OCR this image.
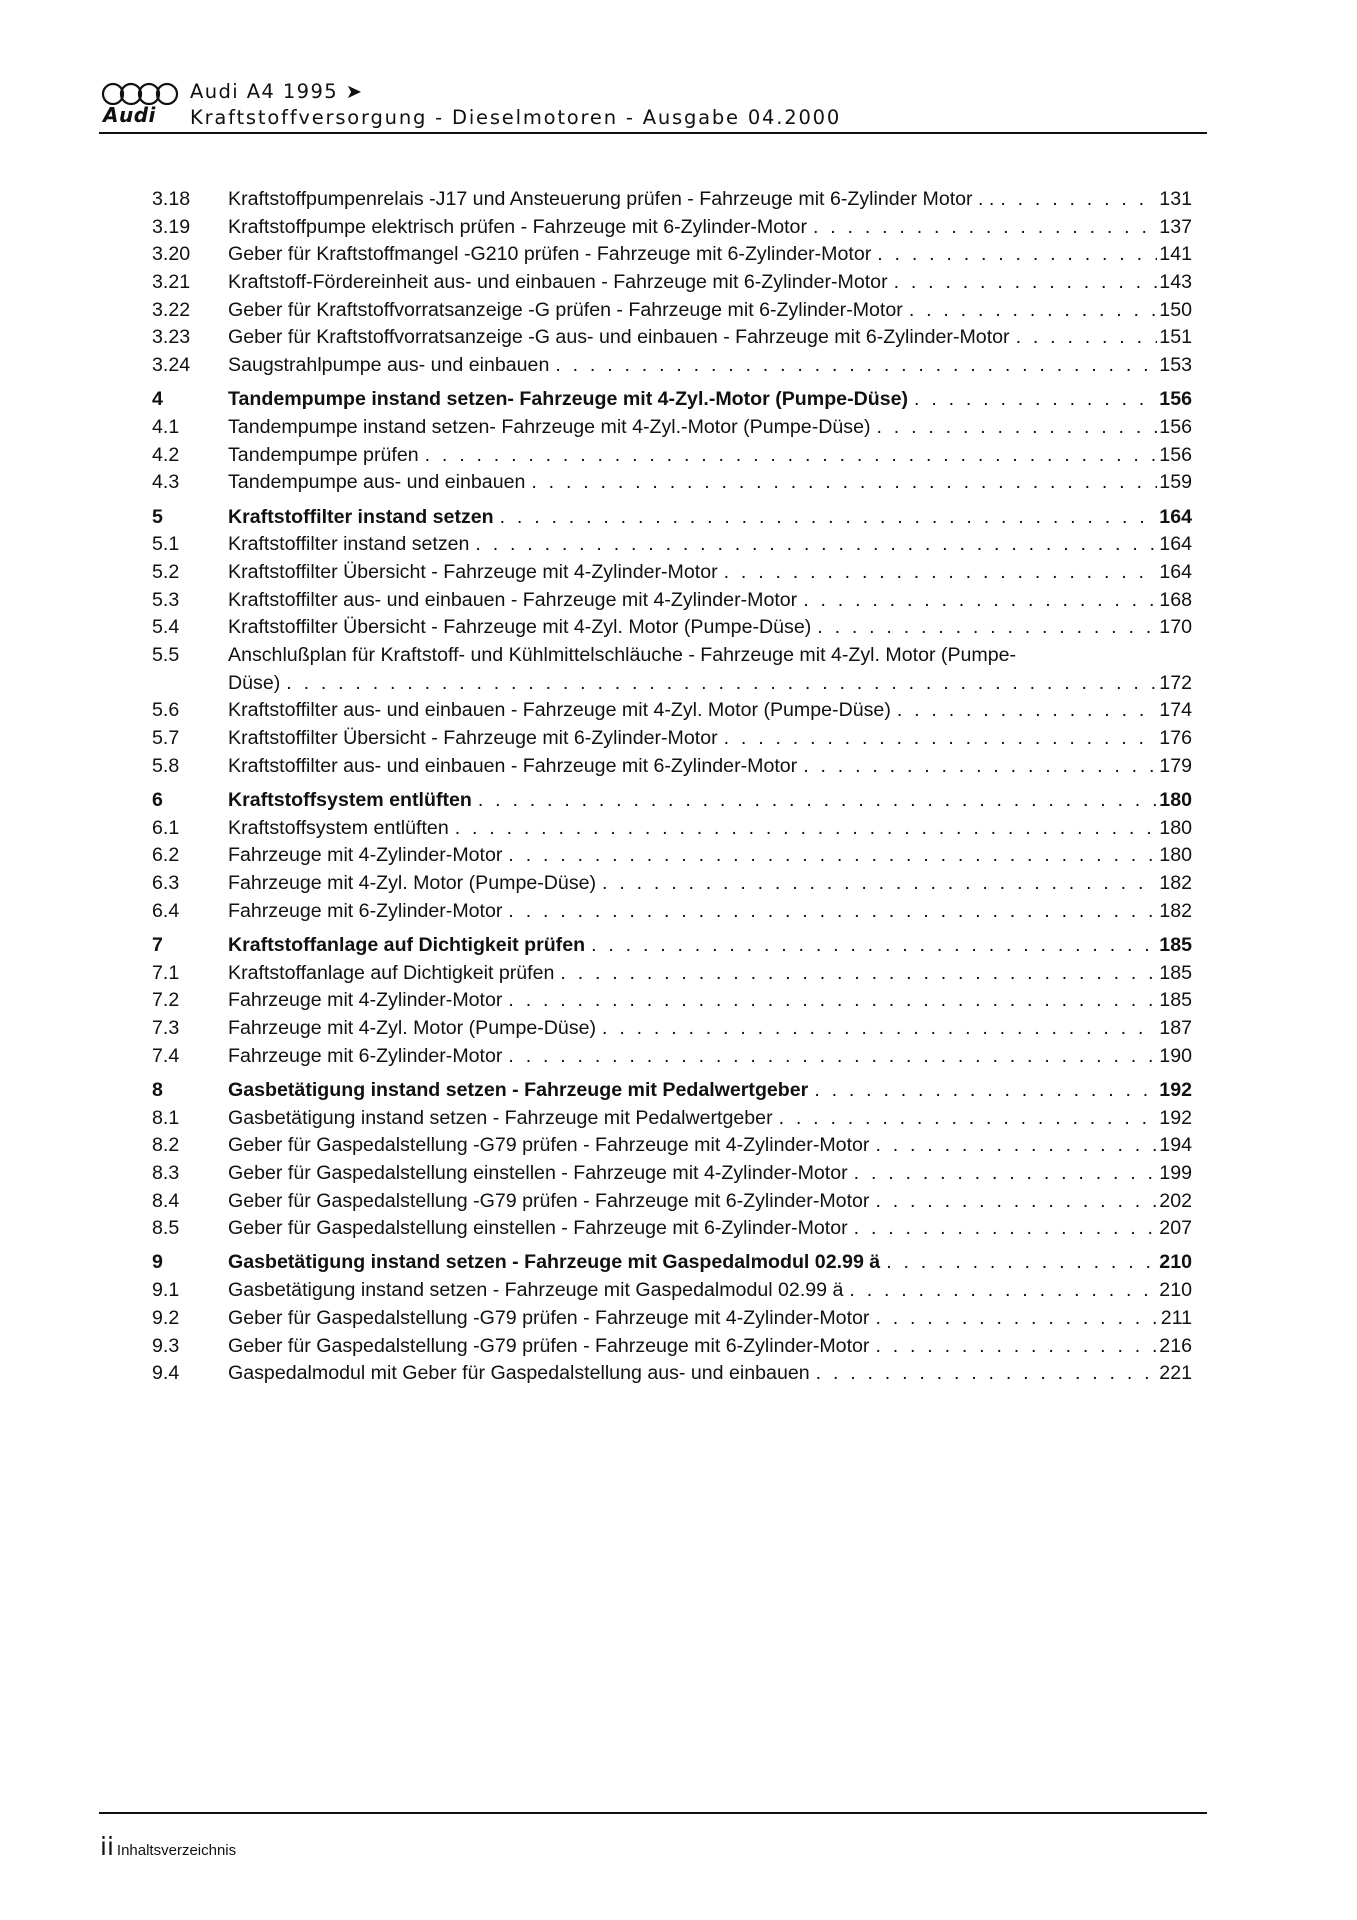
Audi
Audi A4 1995 ➤
Kraftstoffversorgung - Dieselmotoren - Ausgabe 04.2000
3.18	Kraftstoffpumpenrelais -J17 und Ansteuerung prüfen - Fahrzeuge mit 6-Zylinder Motor . . . . .	131
3.19	Kraftstoffpumpe elektrisch prüfen - Fahrzeuge mit 6-Zylinder-Motor . . .	137
3.20	Geber für Kraftstoffmangel -G210 prüfen - Fahrzeuge mit 6-Zylinder-Motor . . .	141
3.21	Kraftstoff-Fördereinheit aus- und einbauen - Fahrzeuge mit 6-Zylinder-Motor . . .	143
3.22	Geber für Kraftstoffvorratsanzeige -G prüfen - Fahrzeuge mit 6-Zylinder-Motor . . .	150
3.23	Geber für Kraftstoffvorratsanzeige -G aus- und einbauen - Fahrzeuge mit 6-Zylinder-Motor . . .	151
3.24	Saugstrahlpumpe aus- und einbauen . . .	153
4	Tandempumpe instand setzen- Fahrzeuge mit 4-Zyl.-Motor (Pumpe-Düse) . . .	156
4.1	Tandempumpe instand setzen- Fahrzeuge mit 4-Zyl.-Motor (Pumpe-Düse) . . .	156
4.2	Tandempumpe prüfen . . .	156
4.3	Tandempumpe aus- und einbauen . . .	159
5	Kraftstoffilter instand setzen . . .	164
5.1	Kraftstoffilter instand setzen . . .	164
5.2	Kraftstoffilter Übersicht - Fahrzeuge mit 4-Zylinder-Motor . . .	164
5.3	Kraftstoffilter aus- und einbauen - Fahrzeuge mit 4-Zylinder-Motor . . .	168
5.4	Kraftstoffilter Übersicht - Fahrzeuge mit 4-Zyl. Motor (Pumpe-Düse) . . .	170
5.5	Anschlußplan für Kraftstoff- und Kühlmittelschläuche - Fahrzeuge mit 4-Zyl. Motor (Pumpe-
Düse) . . .	172
5.6	Kraftstoffilter aus- und einbauen - Fahrzeuge mit 4-Zyl. Motor (Pumpe-Düse) . . .	174
5.7	Kraftstoffilter Übersicht - Fahrzeuge mit 6-Zylinder-Motor . . .	176
5.8	Kraftstoffilter aus- und einbauen - Fahrzeuge mit 6-Zylinder-Motor . . .	179
6	Kraftstoffsystem entlüften . . .	180
6.1	Kraftstoffsystem entlüften . . .	180
6.2	Fahrzeuge mit 4-Zylinder-Motor . . .	180
6.3	Fahrzeuge mit 4-Zyl. Motor (Pumpe-Düse) . . .	182
6.4	Fahrzeuge mit 6-Zylinder-Motor . . .	182
7	Kraftstoffanlage auf Dichtigkeit prüfen . . .	185
7.1	Kraftstoffanlage auf Dichtigkeit prüfen . . .	185
7.2	Fahrzeuge mit 4-Zylinder-Motor . . .	185
7.3	Fahrzeuge mit 4-Zyl. Motor (Pumpe-Düse) . . .	187
7.4	Fahrzeuge mit 6-Zylinder-Motor . . .	190
8	Gasbetätigung instand setzen - Fahrzeuge mit Pedalwertgeber . . .	192
8.1	Gasbetätigung instand setzen - Fahrzeuge mit Pedalwertgeber . . .	192
8.2	Geber für Gaspedalstellung -G79 prüfen - Fahrzeuge mit 4-Zylinder-Motor . . .	194
8.3	Geber für Gaspedalstellung einstellen - Fahrzeuge mit 4-Zylinder-Motor . . .	199
8.4	Geber für Gaspedalstellung -G79 prüfen - Fahrzeuge mit 6-Zylinder-Motor . . .	202
8.5	Geber für Gaspedalstellung einstellen - Fahrzeuge mit 6-Zylinder-Motor . . .	207
9	Gasbetätigung instand setzen - Fahrzeuge mit Gaspedalmodul 02.99 ä . . .	210
9.1	Gasbetätigung instand setzen - Fahrzeuge mit Gaspedalmodul 02.99 ä . . .	210
9.2	Geber für Gaspedalstellung -G79 prüfen - Fahrzeuge mit 4-Zylinder-Motor . . .	211
9.3	Geber für Gaspedalstellung -G79 prüfen - Fahrzeuge mit 6-Zylinder-Motor . . .	216
9.4	Gaspedalmodul mit Geber für Gaspedalstellung aus- und einbauen . . .	221
ii Inhaltsverzeichnis
